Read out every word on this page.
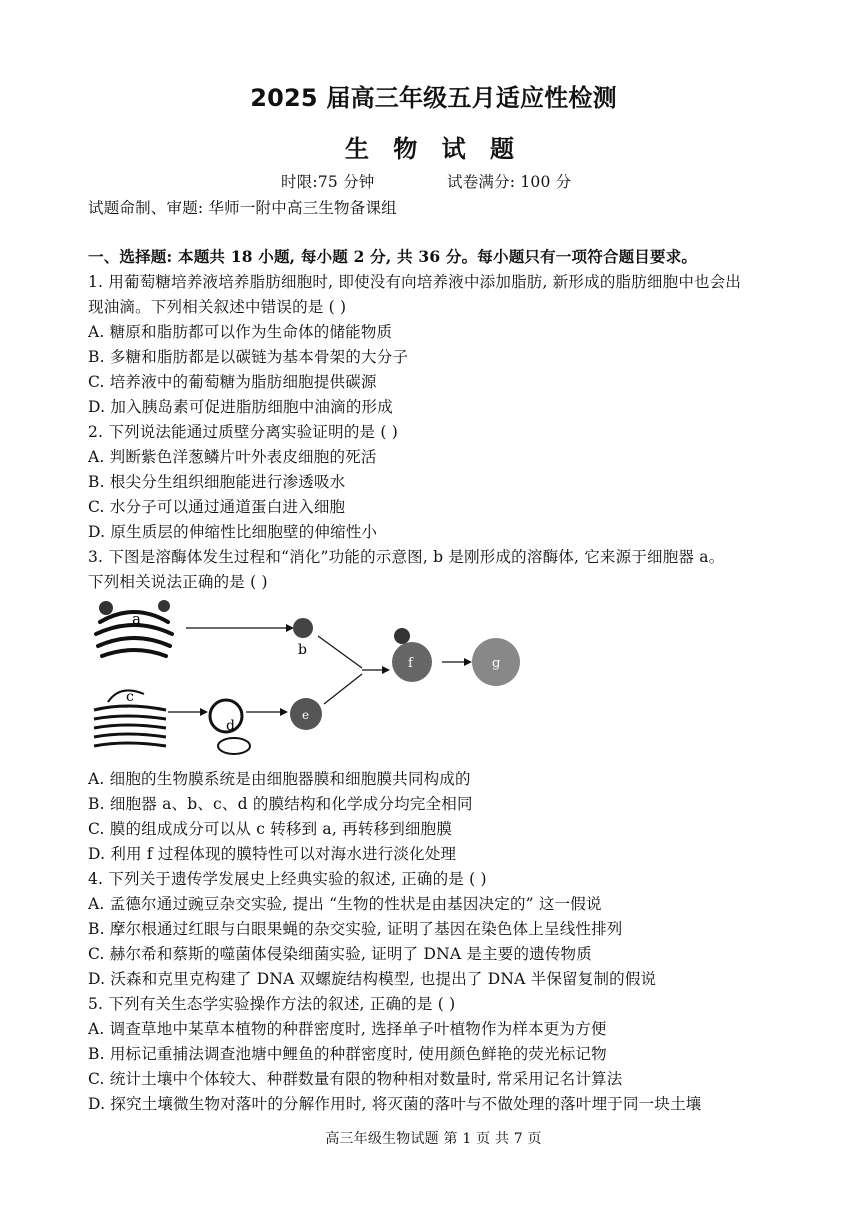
2025 届高三年级五月适应性检测
生 物 试 题
时限:75 分钟	试卷满分: 100 分
试题命制、审题: 华师一附中高三生物备课组
一、选择题: 本题共 18 小题, 每小题 2 分, 共 36 分。每小题只有一项符合题目要求。
1. 用葡萄糖培养液培养脂肪细胞时, 即使没有向培养液中添加脂肪, 新形成的脂肪细胞中也会出
现油滴。下列相关叙述中错误的是 ( )
A. 糖原和脂肪都可以作为生命体的储能物质
B. 多糖和脂肪都是以碳链为基本骨架的大分子
C. 培养液中的葡萄糖为脂肪细胞提供碳源
D. 加入胰岛素可促进脂肪细胞中油滴的形成
2. 下列说法能通过质壁分离实验证明的是 ( )
A. 判断紫色洋葱鳞片叶外表皮细胞的死活
B. 根尖分生组织细胞能进行渗透吸水
C. 水分子可以通过通道蛋白进入细胞
D. 原生质层的伸缩性比细胞壁的伸缩性小
3. 下图是溶酶体发生过程和“消化”功能的示意图, b 是刚形成的溶酶体, 它来源于细胞器 a。
下列相关说法正确的是 ( )
a
b
c
d
e
f	g
A. 细胞的生物膜系统是由细胞器膜和细胞膜共同构成的
B. 细胞器 a、b、c、d 的膜结构和化学成分均完全相同
C. 膜的组成成分可以从 c 转移到 a, 再转移到细胞膜
D. 利用 f 过程体现的膜特性可以对海水进行淡化处理
4. 下列关于遗传学发展史上经典实验的叙述, 正确的是 ( )
A. 孟德尔通过豌豆杂交实验, 提出 “生物的性状是由基因决定的” 这一假说
B. 摩尔根通过红眼与白眼果蝇的杂交实验, 证明了基因在染色体上呈线性排列
C. 赫尔希和蔡斯的噬菌体侵染细菌实验, 证明了 DNA 是主要的遗传物质
D. 沃森和克里克构建了 DNA 双螺旋结构模型, 也提出了 DNA 半保留复制的假说
5. 下列有关生态学实验操作方法的叙述, 正确的是 ( )
A. 调查草地中某草本植物的种群密度时, 选择单子叶植物作为样本更为方便
B. 用标记重捕法调查池塘中鲤鱼的种群密度时, 使用颜色鲜艳的荧光标记物
C. 统计土壤中个体较大、种群数量有限的物种相对数量时, 常采用记名计算法
D. 探究土壤微生物对落叶的分解作用时, 将灭菌的落叶与不做处理的落叶埋于同一块土壤
高三年级生物试题 第 1 页 共 7 页
